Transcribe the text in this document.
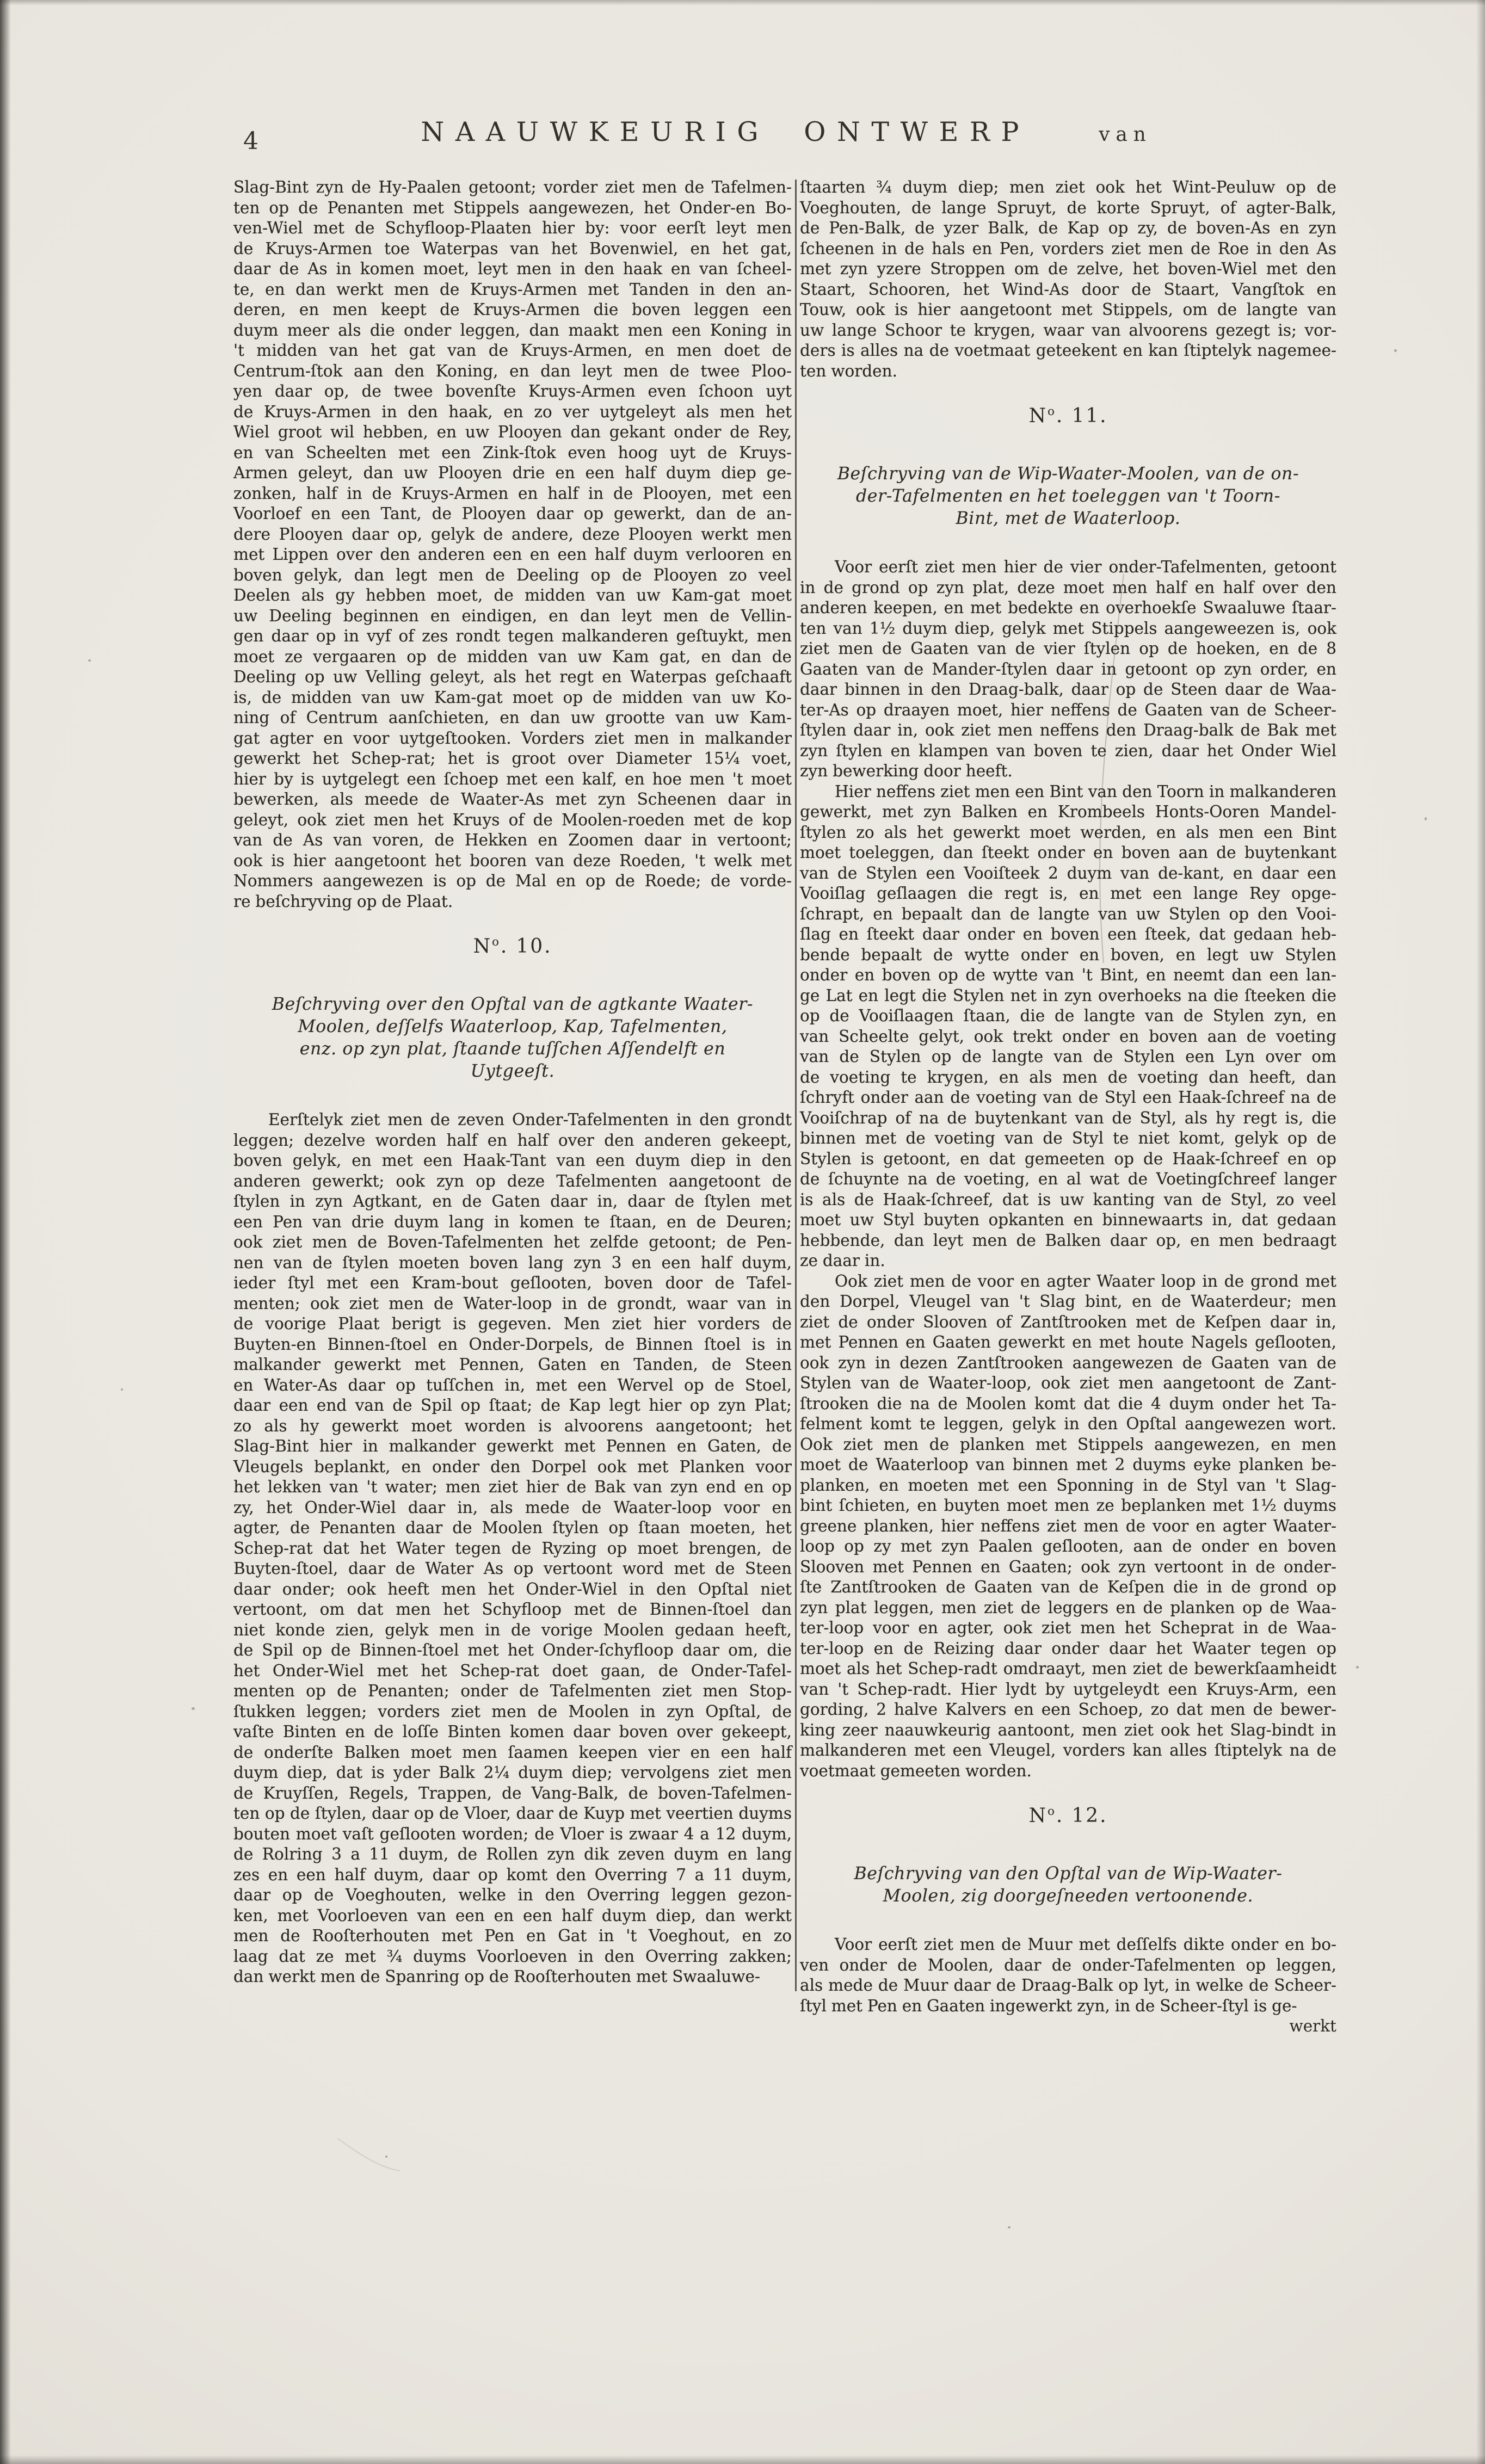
4	NAAUWKEURIG ONTWERP	van
Slag-Bint zyn de Hy-Paalen getoont; vorder ziet men de Tafelmen-
ten op de Penanten met Stippels aangewezen, het Onder-en Bo-
ven-Wiel met de Schyfloop-Plaaten hier by: voor eerſt leyt men
de Kruys-Armen toe Waterpas van het Bovenwiel, en het gat,
daar de As in komen moet, leyt men in den haak en van ſcheel-
te, en dan werkt men de Kruys-Armen met Tanden in den an-
deren, en men keept de Kruys-Armen die boven leggen een
duym meer als die onder leggen, dan maakt men een Koning in
't midden van het gat van de Kruys-Armen, en men doet de
Centrum-ſtok aan den Koning, en dan leyt men de twee Ploo-
yen daar op, de twee bovenſte Kruys-Armen even ſchoon uyt
de Kruys-Armen in den haak, en zo ver uytgeleyt als men het
Wiel groot wil hebben, en uw Plooyen dan gekant onder de Rey,
en van Scheelten met een Zink-ſtok even hoog uyt de Kruys-
Armen geleyt, dan uw Plooyen drie en een half duym diep ge-
zonken, half in de Kruys-Armen en half in de Plooyen, met een
Voorloef en een Tant, de Plooyen daar op gewerkt, dan de an-
dere Plooyen daar op, gelyk de andere, deze Plooyen werkt men
met Lippen over den anderen een en een half duym verlooren en
boven gelyk, dan legt men de Deeling op de Plooyen zo veel
Deelen als gy hebben moet, de midden van uw Kam-gat moet
uw Deeling beginnen en eindigen, en dan leyt men de Vellin-
gen daar op in vyf of zes rondt tegen malkanderen geſtuykt, men
moet ze vergaaren op de midden van uw Kam gat, en dan de
Deeling op uw Velling geleyt, als het regt en Waterpas geſchaaft
is, de midden van uw Kam-gat moet op de midden van uw Ko-
ning of Centrum aanſchieten, en dan uw grootte van uw Kam-
gat agter en voor uytgeſtooken. Vorders ziet men in malkander
gewerkt het Schep-rat; het is groot over Diameter 15¼ voet,
hier by is uytgelegt een ſchoep met een kalf, en hoe men 't moet
bewerken, als meede de Waater-As met zyn Scheenen daar in
geleyt, ook ziet men het Kruys of de Moolen-roeden met de kop
van de As van voren, de Hekken en Zoomen daar in vertoont;
ook is hier aangetoont het booren van deze Roeden, 't welk met
Nommers aangewezen is op de Mal en op de Roede; de vorde-
re beſchryving op de Plaat.
$N^o$. 10.
Beſchryving over den Opſtal van de agtkante Waater-
Moolen, deſſelfs Waaterloop, Kap, Tafelmenten,
enz. op zyn plat, ſtaande tuſſchen Aſſendelft en
Uytgeeſt.
Eerſtelyk ziet men de zeven Onder-Tafelmenten in den grondt
leggen; dezelve worden half en half over den anderen gekeept,
boven gelyk, en met een Haak-Tant van een duym diep in den
anderen gewerkt; ook zyn op deze Tafelmenten aangetoont de
ſtylen in zyn Agtkant, en de Gaten daar in, daar de ſtylen met
een Pen van drie duym lang in komen te ſtaan, en de Deuren;
ook ziet men de Boven-Tafelmenten het zelfde getoont; de Pen-
nen van de ſtylen moeten boven lang zyn 3 en een half duym,
ieder ſtyl met een Kram-bout geſlooten, boven door de Tafel-
menten; ook ziet men de Water-loop in de grondt, waar van in
de voorige Plaat berigt is gegeven. Men ziet hier vorders de
Buyten-en Binnen-ſtoel en Onder-Dorpels, de Binnen ſtoel is in
malkander gewerkt met Pennen, Gaten en Tanden, de Steen
en Water-As daar op tuſſchen in, met een Wervel op de Stoel,
daar een end van de Spil op ſtaat; de Kap legt hier op zyn Plat;
zo als hy gewerkt moet worden is alvoorens aangetoont; het
Slag-Bint hier in malkander gewerkt met Pennen en Gaten, de
Vleugels beplankt, en onder den Dorpel ook met Planken voor
het lekken van 't water; men ziet hier de Bak van zyn end en op
zy, het Onder-Wiel daar in, als mede de Waater-loop voor en
agter, de Penanten daar de Moolen ſtylen op ſtaan moeten, het
Schep-rat dat het Water tegen de Ryzing op moet brengen, de
Buyten-ſtoel, daar de Water As op vertoont word met de Steen
daar onder; ook heeft men het Onder-Wiel in den Opſtal niet
vertoont, om dat men het Schyfloop met de Binnen-ſtoel dan
niet konde zien, gelyk men in de vorige Moolen gedaan heeft,
de Spil op de Binnen-ſtoel met het Onder-ſchyfloop daar om, die
het Onder-Wiel met het Schep-rat doet gaan, de Onder-Tafel-
menten op de Penanten; onder de Tafelmenten ziet men Stop-
ſtukken leggen; vorders ziet men de Moolen in zyn Opſtal, de
vaſte Binten en de loſſe Binten komen daar boven over gekeept,
de onderſte Balken moet men ſaamen keepen vier en een half
duym diep, dat is yder Balk 2¼ duym diep; vervolgens ziet men
de Kruyſſen, Regels, Trappen, de Vang-Balk, de boven-Tafelmen-
ten op de ſtylen, daar op de Vloer, daar de Kuyp met veertien duyms
bouten moet vaſt geſlooten worden; de Vloer is zwaar 4 a 12 duym,
de Rolring 3 a 11 duym, de Rollen zyn dik zeven duym en lang
zes en een half duym, daar op komt den Overring 7 a 11 duym,
daar op de Voeghouten, welke in den Overring leggen gezon-
ken, met Voorloeven van een en een half duym diep, dan werkt
men de Rooſterhouten met Pen en Gat in 't Voeghout, en zo
laag dat ze met ¾ duyms Voorloeven in den Overring zakken;
dan werkt men de Spanring op de Rooſterhouten met Swaaluwe-
ſtaarten ¾ duym diep; men ziet ook het Wint-Peuluw op de
Voeghouten, de lange Spruyt, de korte Spruyt, of agter-Balk,
de Pen-Balk, de yzer Balk, de Kap op zy, de boven-As en zyn
ſcheenen in de hals en Pen, vorders ziet men de Roe in den As
met zyn yzere Stroppen om de zelve, het boven-Wiel met den
Staart, Schooren, het Wind-As door de Staart, Vangſtok en
Touw, ook is hier aangetoont met Stippels, om de langte van
uw lange Schoor te krygen, waar van alvoorens gezegt is; vor-
ders is alles na de voetmaat geteekent en kan ſtiptelyk nagemee-
ten worden.
$N^o$. 11.
Beſchryving van de Wip-Waater-Moolen, van de on-
der-Tafelmenten en het toeleggen van 't Toorn-
Bint, met de Waaterloop.
Voor eerſt ziet men hier de vier onder-Tafelmenten, getoont
in de grond op zyn plat, deze moet men half en half over den
anderen keepen, en met bedekte en overhoekſe Swaaluwe ſtaar-
ten van 1½ duym diep, gelyk met Stippels aangeweezen is, ook
ziet men de Gaaten van de vier ſtylen op de hoeken, en de 8
Gaaten van de Mander-ſtylen daar in getoont op zyn order, en
daar binnen in den Draag-balk, daar op de Steen daar de Waa-
ter-As op draayen moet, hier neffens de Gaaten van de Scheer-
ſtylen daar in, ook ziet men neffens den Draag-balk de Bak met
zyn ſtylen en klampen van boven te zien, daar het Onder Wiel
zyn bewerking door heeft.
Hier neffens ziet men een Bint van den Toorn in malkanderen
gewerkt, met zyn Balken en Krombeels Honts-Ooren Mandel-
ſtylen zo als het gewerkt moet werden, en als men een Bint
moet toeleggen, dan ſteekt onder en boven aan de buytenkant
van de Stylen een Vooiſteek 2 duym van de-kant, en daar een
Vooiſlag geſlaagen die regt is, en met een lange Rey opge-
ſchrapt, en bepaalt dan de langte van uw Stylen op den Vooi-
ſlag en ſteekt daar onder en boven een ſteek, dat gedaan heb-
bende bepaalt de wytte onder en boven, en legt uw Stylen
onder en boven op de wytte van 't Bint, en neemt dan een lan-
ge Lat en legt die Stylen net in zyn overhoeks na die ſteeken die
op de Vooiſlaagen ſtaan, die de langte van de Stylen zyn, en
van Scheelte gelyt, ook trekt onder en boven aan de voeting
van de Stylen op de langte van de Stylen een Lyn over om
de voeting te krygen, en als men de voeting dan heeft, dan
ſchryft onder aan de voeting van de Styl een Haak-ſchreef na de
Vooiſchrap of na de buytenkant van de Styl, als hy regt is, die
binnen met de voeting van de Styl te niet komt, gelyk op de
Stylen is getoont, en dat gemeeten op de Haak-ſchreef en op
de ſchuynte na de voeting, en al wat de Voetingſchreef langer
is als de Haak-ſchreef, dat is uw kanting van de Styl, zo veel
moet uw Styl buyten opkanten en binnewaarts in, dat gedaan
hebbende, dan leyt men de Balken daar op, en men bedraagt
ze daar in.
Ook ziet men de voor en agter Waater loop in de grond met
den Dorpel, Vleugel van 't Slag bint, en de Waaterdeur; men
ziet de onder Slooven of Zantſtrooken met de Keſpen daar in,
met Pennen en Gaaten gewerkt en met houte Nagels geſlooten,
ook zyn in dezen Zantſtrooken aangewezen de Gaaten van de
Stylen van de Waater-loop, ook ziet men aangetoont de Zant-
ſtrooken die na de Moolen komt dat die 4 duym onder het Ta-
felment komt te leggen, gelyk in den Opſtal aangewezen wort.
Ook ziet men de planken met Stippels aangewezen, en men
moet de Waaterloop van binnen met 2 duyms eyke planken be-
planken, en moeten met een Sponning in de Styl van 't Slag-
bint ſchieten, en buyten moet men ze beplanken met 1½ duyms
greene planken, hier neffens ziet men de voor en agter Waater-
loop op zy met zyn Paalen geſlooten, aan de onder en boven
Slooven met Pennen en Gaaten; ook zyn vertoont in de onder-
ſte Zantſtrooken de Gaaten van de Keſpen die in de grond op
zyn plat leggen, men ziet de leggers en de planken op de Waa-
ter-loop voor en agter, ook ziet men het Scheprat in de Waa-
ter-loop en de Reizing daar onder daar het Waater tegen op
moet als het Schep-radt omdraayt, men ziet de bewerkſaamheidt
van 't Schep-radt. Hier lydt by uytgeleydt een Kruys-Arm, een
gording, 2 halve Kalvers en een Schoep, zo dat men de bewer-
king zeer naauwkeurig aantoont, men ziet ook het Slag-bindt in
malkanderen met een Vleugel, vorders kan alles ſtiptelyk na de
voetmaat gemeeten worden.
$N^o$. 12.
Beſchryving van den Opſtal van de Wip-Waater-
Moolen, zig doorgeſneeden vertoonende.
Voor eerſt ziet men de Muur met deſſelfs dikte onder en bo-
ven onder de Moolen, daar de onder-Tafelmenten op leggen,
als mede de Muur daar de Draag-Balk op lyt, in welke de Scheer-
ſtyl met Pen en Gaaten ingewerkt zyn, in de Scheer-ſtyl is ge-
werkt
